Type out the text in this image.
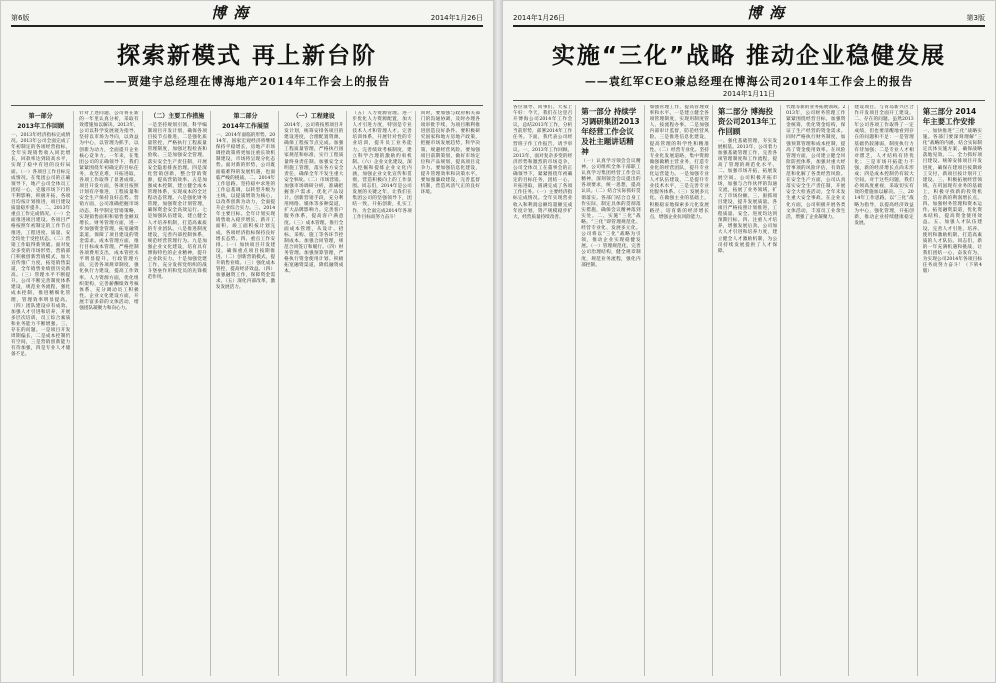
第6版	博 海	2014年1月26日
探索新模式 再上新台阶
——贾建宇总经理在博海地产2014年工作会上的报告
第一部分
2013年工作回顾
一、2013年经济指标完成情况。2013年公司全面完成了年初制定的各项经营指标，全年实现销售收入同比增长，回款率达到较高水平，实现了稳中有进的良好局面。（一）各项目工作目标完成情况。在集团公司的正确领导下，地产公司全体员工团结一心，克服市场下行的不利影响，积极开拓，各项目均按计划推进，项目建设质量稳步提升。二、2013年重点工作完成情况。（一）全面推进项目建设。各项目严格按照年初制定的工作节点推进，工程进度、质量、安全均处于受控状态。（二）营销工作取得新突破。面对复杂多变的市场形势，营销部门积极创新营销模式，加大宣传推广力度，拓宽销售渠道，全年销售业绩创历史新高。（三）管理水平不断提升。公司不断完善制度体系建设，规范业务流程，强化成本控制，推进精细化管理，管理效率明显提高。（四）团队建设卓有成效。加强人才引进和培养，开展多层次培训，员工综合素质和业务能力不断增强。三、存在的问题。一是项目开发周期偏长，二是成本控制仍有空间，三是营销创新能力有待加强，四是专业人才储备不足。
针对上述问题，公司将在新的一年里认真分析，采取有效措施加以解决。2013年，公司以科学发展观为指导，坚持以市场为导向，以效益为中心，以管理为抓手，以创新为动力，全面提升企业核心竞争力。一年来，在集团公司的正确领导下，我们紧紧围绕年初确定的目标任务，攻坚克难，开拓进取，各项工作取得了显著成绩。项目开发方面，各项目按照计划有序推进，工程质量和安全生产保持良好态势。营销方面，公司准确把握市场动态，科学制定营销策略，实现销售面积和销售金额双增长。财务管理方面，进一步加强资金管理，拓宽融资渠道，保障了项目建设的资金需求。成本管理方面，推行目标成本管理，严格控制各项费用支出，成本管控水平明显提升。行政管理方面，完善各项规章制度，强化执行力建设，提高工作效率。人力资源方面，优化组织架构，完善薪酬绩效考核体系，充分调动员工积极性。企业文化建设方面，开展丰富多彩的文体活动，增强团队凝聚力和向心力。
（二）主要工作措施
一是坚持规划引领，科学编制项目开发计划，确保各项目按节点推进。二是强化质量管控，严格执行工程质量管理制度，加强过程检查和验收。三是加强安全管理，落实安全生产责任制，开展安全隐患排查治理。四是深化营销创新，整合营销资源，提高营销效率。五是加强成本控制，建立健全成本管理体系，实现成本的全过程动态管理。六是强化财务管理，加强资金计划管理，确保资金安全高效运行。七是加强队伍建设，建立健全人才培养机制，打造高素质的专业团队。八是推进制度建设，完善内部控制体系，规范经营管理行为。九是加强企业文化建设，培育具有博海特色的企业精神，提升企业软实力。十是加强党建工作，充分发挥党组织的战斗堡垒作用和党员的先锋模范作用。
第二部分
2014年工作展望
一、2014年面临的形势。2014年，国家宏观经济将继续保持平稳增长，房地产市场调控政策将更加注重长效机制建设，市场将呈现分化态势。面对新的形势，公司既面临难得的发展机遇，也面临严峻的挑战。二、2014年工作思路。坚持稳中求进的工作总基调，以转型升级为主线，以提质增效为核心，以改革创新为动力，全面提升企业综合实力。三、2014年主要目标。全年计划实现销售收入稳步增长，新开工面积、竣工面积按计划完成，各项经济指标保持良好增长态势。四、重点工作安排。（一）加快项目开发建设，确保重点项目按期推进。（二）创新营销模式，提升销售业绩。（三）强化成本管控，提高经济效益。（四）加强融资工作，保障资金需求。（五）深化内部改革，激发发展活力。
（一）工程建设
2014年，公司将按照项目开发计划，统筹安排各项目的建设进度，合理配置资源，确保工程按节点完成。加强工程质量管理，严格执行国家规范和标准，实行工程质量终身责任制。加强安全文明施工管理，落实各方安全责任，确保全年不发生重大安全事故。（二）市场营销。加强市场调研分析，准确把握客户需求，优化产品设计。创新营销手段，充分利用网络、媒体等多种渠道，扩大品牌影响力。完善客户服务体系，提高客户满意度。（三）成本管理。推行全面成本管理，从设计、招标、采购、施工等各环节控制成本。加强合同管理，规范合同签订和履行。（四）财务管理。加强预算管理，严格执行资金使用计划。积极拓宽融资渠道，降低融资成本。
（五）人力资源管理。进一步优化人力资源配置，加大人才引进力度，特别是专业技术人才和管理人才。完善培训体系，开展针对性的专业培训，提升员工业务能力。完善绩效考核制度，建立科学合理的激励约束机制。（六）企业文化建设。深入挖掘和提炼企业文化内涵，加强企业文化宣传和贯彻，营造积极向上的工作氛围。同志们，2014年是公司发展的关键之年，让我们在集团公司的坚强领导下，团结一致，开拓创新，扎实工作，为全面完成2014年各项工作目标而努力奋斗！
同时，要加强与政府相关部门的沟通协调，及时办理各项审批手续，为项目顺利推进创造良好条件。要积极研究国家和地方房地产政策，把握市场发展趋势，科学决策，规避经营风险。要加强项目前期策划，做好市场定位和产品规划，提高项目竞争力。要加强信息化建设，提升管理效率和决策水平。要加强廉政建设，完善监督机制，营造风清气正的良好环境。
2014年1月26日	博 海	第3版
实施“三化”战略 推动企业稳健发展
——袁红军CEO兼总经理在博海公司2014年工作会上的报告
2014年1月11日
各位领导、同事们、大家上午好：今天，我们在这里召开博海公司2014年工作会议，总结2013年工作，分析当前形势，部署2014年工作任务。下面，我代表公司经营班子作工作报告，请予审议。一、2013年工作回顾。2013年，面对复杂多变的经济形势和激烈的市场竞争，公司全体员工在董事会的正确领导下，紧紧围绕年初确定的目标任务，团结一心，开拓进取，圆满完成了各项工作任务。（一）主要经济指标完成情况。全年实现营业收入和利润总额均超额完成年度计划，资产规模稳步扩大，经营质量持续改善。
第一部分 持续学习调研集团2013年经营工作会议及社主题讲话精神
（一）认真学习领会会议精神。公司组织全体干部职工认真学习集团经营工作会议精神，深刻领会会议提出的各项要求，统一思想，提高认识。（二）结合实际抓好贯彻落实。各部门结合自身工作实际，制定具体的贯彻落实措施，确保会议精神落到实处。二、实施“三化”战略。“三化”即管理规范化、经营专业化、发展多元化。公司将以“三化”战略为引领，推动企业实现稳健发展。（一）管理规范化。完善公司治理结构，健全规章制度，规范业务流程，强化内部控制。
加强管理工作，提高管理效率和水平。一是建立健全各项管理制度，实现用制度管人、按流程办事。二是加强内部审计监督，防范经营风险。三是推进信息化建设，提高管理的科学性和精准性。（二）经营专业化。坚持专业化发展道路，集中资源做强做精主营业务，打造专业化的经营团队，提升专业化运营能力。一是加强专业人才队伍建设，二是提升专业技术水平，三是完善专业化服务体系。（三）发展多元化。在做强主业的基础上，积极稳妥地探索多元化发展路径，培育新的经济增长点，增强企业抗风险能力。
第二部分 博海投资公司2013年工作回顾
一、强化基础管理，夯实发展根基。2013年，公司着力加强基础管理工作，完善各项管理制度和工作流程，提高了管理的规范化水平。二、加强市场开拓，拓展发展空间。公司积极开拓市场，加强与合作伙伴的沟通交流，拓展了业务领域，扩大了市场份额。三、狠抓项目建设，提升发展质量。各项目严格按照计划推进，工程质量、安全、进度均达到预期目标。四、注重人才培养，增强发展后劲。公司加大人才引进和培养力度，建立健全人才激励机制，为公司持续发展提供了人才保障。
代理等新的业务拓展领域。2013年，公司财务管理工作紧紧围绕经营目标，加强资金统筹，优化资金结构，保证了生产经营的资金需求。同时严格执行财务制度，加强预算管理和成本控制，提高了资金使用效率。在风险管理方面，公司建立健全风险防控体系，加强对重大经营事项的风险评估，有效防范和化解了各类经营风险。在安全生产方面，公司认真落实安全生产责任制，开展安全大检查活动，全年未发生重大安全事故。在企业文化方面，公司积极开展各类文体活动，丰富员工业余生活，增强了企业凝聚力。
建设项目，与青岛新兴区合作开发项目全面开工建设。二、存在的问题。虽然2013年公司各项工作取得了一定成绩，但也要清醒地看到存在的问题和不足：一是管理基础仍较薄弱，制度执行力有待加强；二是专业人才相对匮乏，人才结构有待优化；三是市场开拓能力不强，新的经济增长点尚未形成；四是成本控制仍有较大空间。对于这些问题，我们必须高度重视，采取切实有效的措施加以解决。三、2014年工作思路。以“三化”战略为指导，以提高经济效益为中心，强化管理，开拓创新，推动企业持续健康稳定发展。
第三部分 2014年主要工作安排
一、加快推进“三化”战略实施。各部门要深刻理解“三化”战略的内涵，结合实际制定具体实施方案，确保战略落地见效。二、全力抓好项目建设。统筹安排项目开发进度，确保在建项目按期竣工交付，新项目按计划开工建设。三、积极拓展经营领域。在巩固现有业务的基础上，积极寻找新的投资机会，培育新的利润增长点。四、加强财务管理和资本运作。拓宽融资渠道，优化资本结构，提高资金使用效益。五、加强人才队伍建设。完善人才引进、培养、使用和激励机制，打造高素质的人才队伍。同志们，新的一年充满机遇和挑战，让我们团结一心，奋发有为，为实现公司2014年各项目标任务而努力奋斗！（下转4版）
